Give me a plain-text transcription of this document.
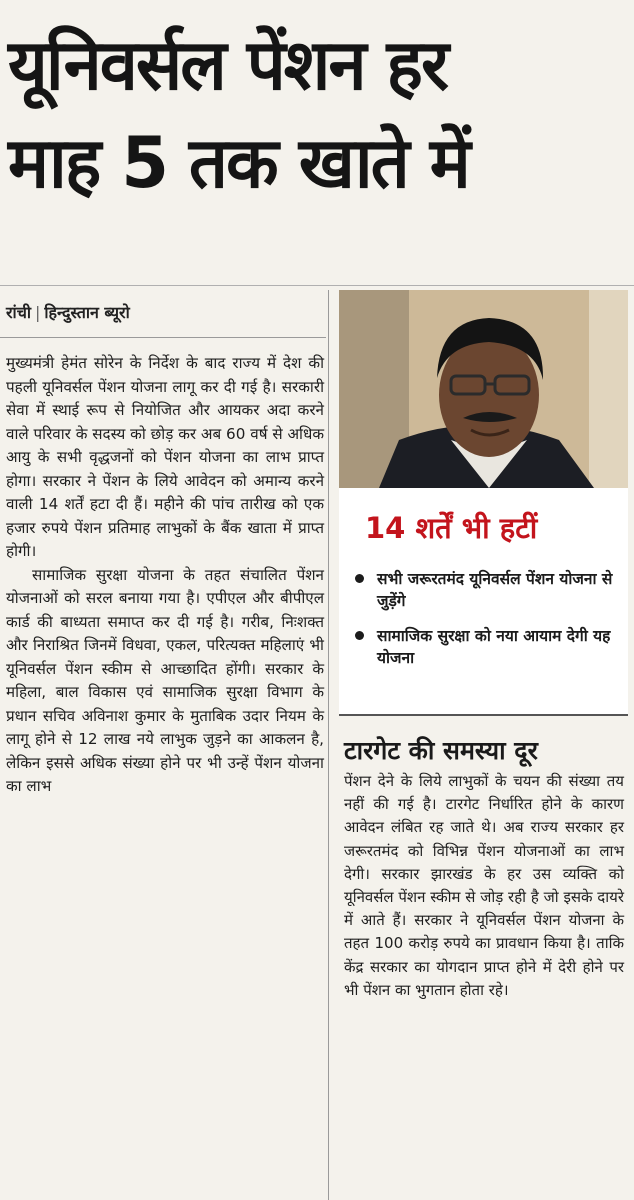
यूनिवर्सल पेंशन हर
माह 5 तक खाते में
रांची | हिन्दुस्तान ब्यूरो

मुख्यमंत्री हेमंत सोरेन के निर्देश के बाद राज्य में देश की पहली यूनिवर्सल पेंशन योजना लागू कर दी गई है। सरकारी सेवा में स्थाई रूप से नियोजित और आयकर अदा करने वाले परिवार के सदस्य को छोड़ कर अब 60 वर्ष से अधिक आयु के सभी वृद्धजनों को पेंशन योजना का लाभ प्राप्त होगा। सरकार ने पेंशन के लिये आवेदन को अमान्य करने वाली 14 शर्तें हटा दी हैं। महीने की पांच तारीख को एक हजार रुपये पेंशन प्रतिमाह लाभुकों के बैंक खाता में प्राप्त होगी।

सामाजिक सुरक्षा योजना के तहत संचालित पेंशन योजनाओं को सरल बनाया गया है। एपीएल और बीपीएल कार्ड की बाध्यता समाप्त कर दी गई है। गरीब, निःशक्त और निराश्रित जिनमें विधवा, एकल, परित्यक्त महिलाएं भी यूनिवर्सल पेंशन स्कीम से आच्छादित होंगी। सरकार के महिला, बाल विकास एवं सामाजिक सुरक्षा विभाग के प्रधान सचिव अविनाश कुमार के मुताबिक उदार नियम के लागू होने से 12 लाख नये लाभुक जुड़ने का आकलन है, लेकिन इससे अधिक संख्या होने पर भी उन्हें पेंशन योजना का लाभ

14 शर्तें भी हटीं
सभी जरूरतमंद यूनिवर्सल पेंशन योजना से जुड़ेंगे
सामाजिक सुरक्षा को नया आयाम देगी यह योजना
टारगेट की समस्या दूर

पेंशन देने के लिये लाभुकों के चयन की संख्या तय नहीं की गई है। टारगेट निर्धारित होने के कारण आवेदन लंबित रह जाते थे। अब राज्य सरकार हर जरूरतमंद को विभिन्न पेंशन योजनाओं का लाभ देगी। सरकार झारखंड के हर उस व्यक्ति को यूनिवर्सल पेंशन स्कीम से जोड़ रही है जो इसके दायरे में आते हैं। सरकार ने यूनिवर्सल पेंशन योजना के तहत 100 करोड़ रुपये का प्रावधान किया है। ताकि केंद्र सरकार का योगदान प्राप्त होने में देरी होने पर भी पेंशन का भुगतान होता रहे।
